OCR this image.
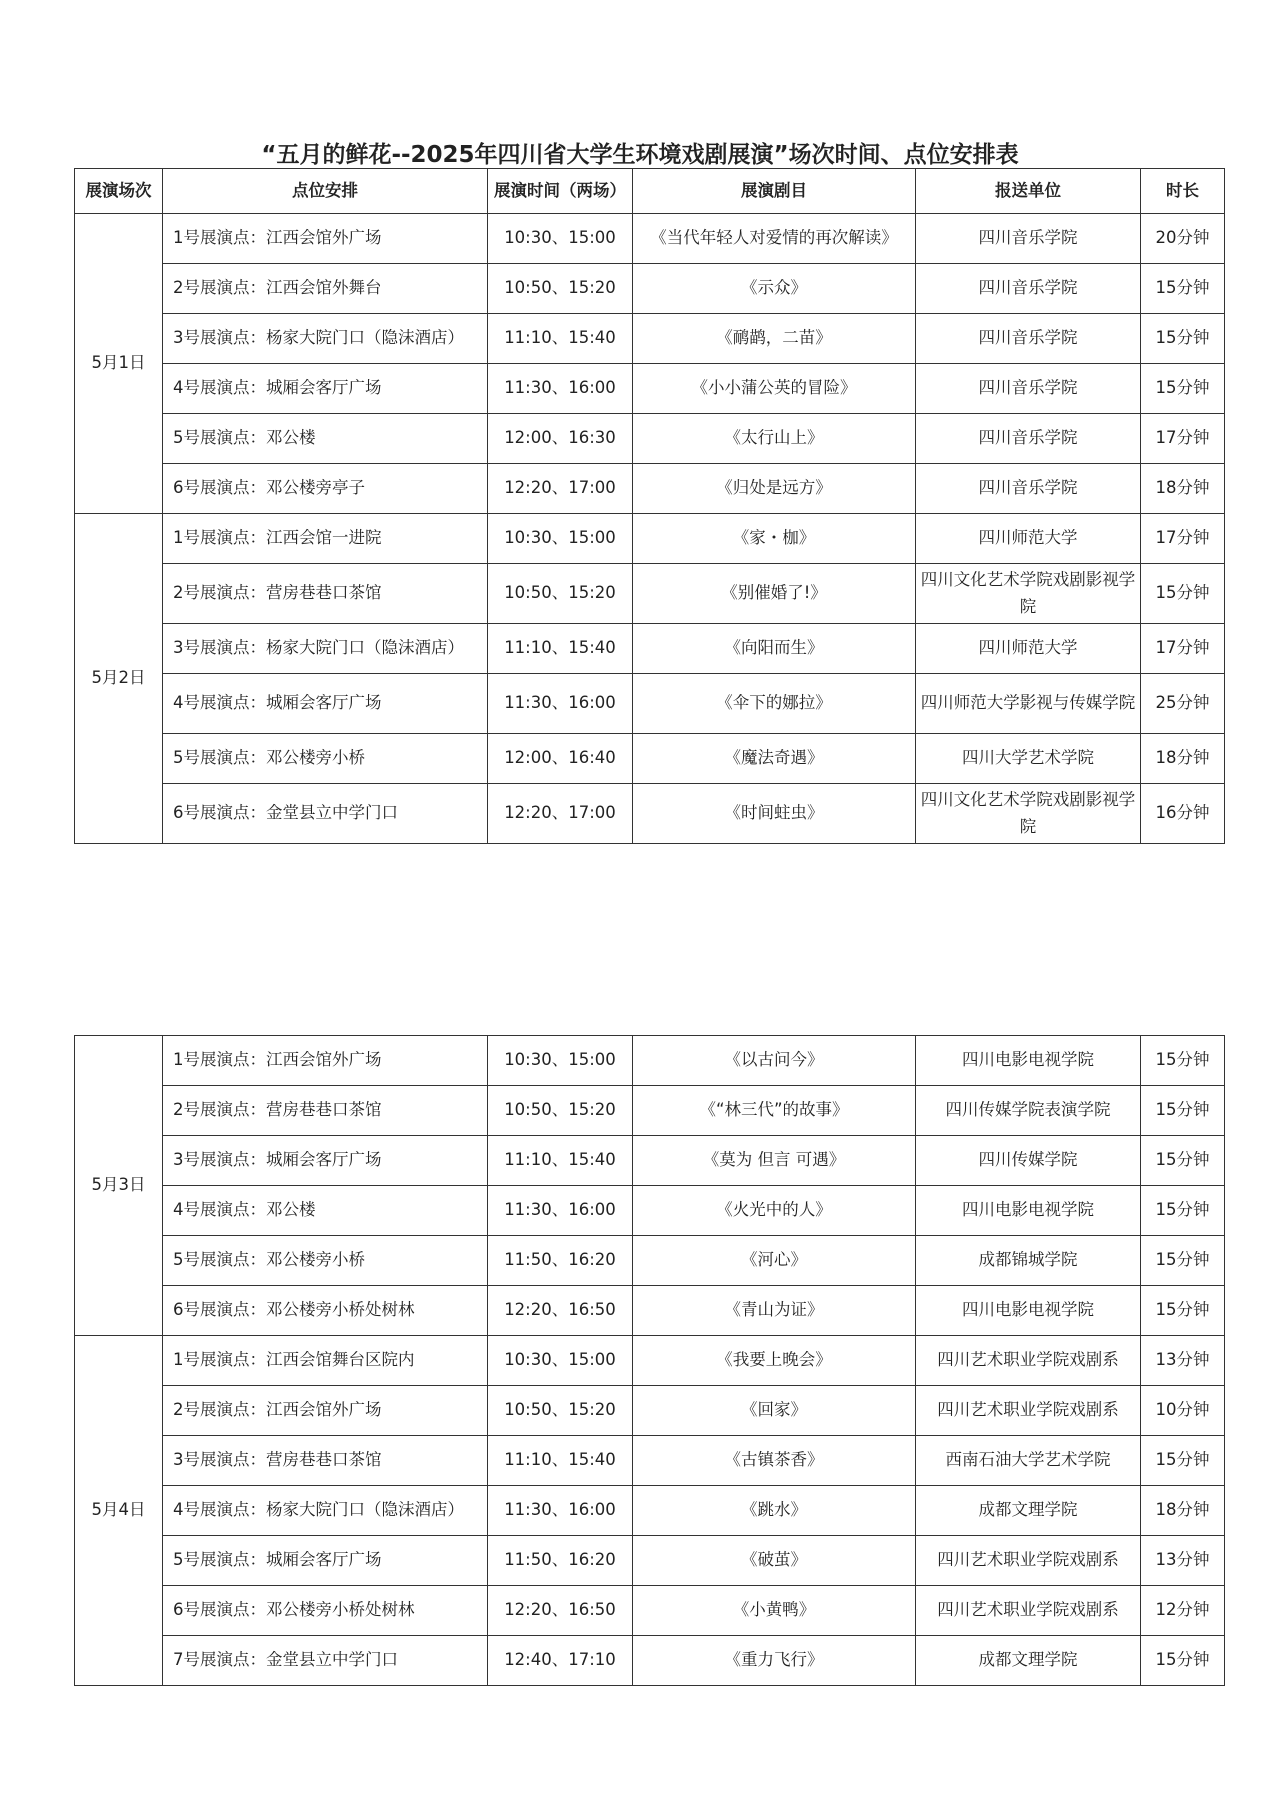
“五月的鲜花--2025年四川省大学生环境戏剧展演”场次时间、点位安排表
展演场次	点位安排	展演时间（两场）	展演剧目	报送单位	时长
5月1日	1号展演点：江西会馆外广场	10:30、15:00	《当代年轻人对爱情的再次解读》	四川音乐学院	20分钟
	2号展演点：江西会馆外舞台	10:50、15:20	《示众》	四川音乐学院	15分钟
	3号展演点：杨家大院门口（隐沫酒店）	11:10、15:40	《鸸鹋，二苗》	四川音乐学院	15分钟
	4号展演点：城厢会客厅广场	11:30、16:00	《小小蒲公英的冒险》	四川音乐学院	15分钟
	5号展演点：邓公楼	12:00、16:30	《太行山上》	四川音乐学院	17分钟
	6号展演点：邓公楼旁亭子	12:20、17:00	《归处是远方》	四川音乐学院	18分钟
5月2日	1号展演点：江西会馆一进院	10:30、15:00	《家・枷》	四川师范大学	17分钟
	2号展演点：营房巷巷口茶馆	10:50、15:20	《别催婚了!》	四川文化艺术学院戏剧影视学院	15分钟
	3号展演点：杨家大院门口（隐沫酒店）	11:10、15:40	《向阳而生》	四川师范大学	17分钟
	4号展演点：城厢会客厅广场	11:30、16:00	《伞下的娜拉》	四川师范大学影视与传媒学院	25分钟
	5号展演点：邓公楼旁小桥	12:00、16:40	《魔法奇遇》	四川大学艺术学院	18分钟
	6号展演点：金堂县立中学门口	12:20、17:00	《时间蛀虫》	四川文化艺术学院戏剧影视学院	16分钟
5月3日	1号展演点：江西会馆外广场	10:30、15:00	《以古问今》	四川电影电视学院	15分钟
	2号展演点：营房巷巷口茶馆	10:50、15:20	《“林三代”的故事》	四川传媒学院表演学院	15分钟
	3号展演点：城厢会客厅广场	11:10、15:40	《莫为 但言 可遇》	四川传媒学院	15分钟
	4号展演点：邓公楼	11:30、16:00	《火光中的人》	四川电影电视学院	15分钟
	5号展演点：邓公楼旁小桥	11:50、16:20	《河心》	成都锦城学院	15分钟
	6号展演点：邓公楼旁小桥处树林	12:20、16:50	《青山为证》	四川电影电视学院	15分钟
5月4日	1号展演点：江西会馆舞台区院内	10:30、15:00	《我要上晚会》	四川艺术职业学院戏剧系	13分钟
	2号展演点：江西会馆外广场	10:50、15:20	《回家》	四川艺术职业学院戏剧系	10分钟
	3号展演点：营房巷巷口茶馆	11:10、15:40	《古镇茶香》	西南石油大学艺术学院	15分钟
	4号展演点：杨家大院门口（隐沫酒店）	11:30、16:00	《跳水》	成都文理学院	18分钟
	5号展演点：城厢会客厅广场	11:50、16:20	《破茧》	四川艺术职业学院戏剧系	13分钟
	6号展演点：邓公楼旁小桥处树林	12:20、16:50	《小黄鸭》	四川艺术职业学院戏剧系	12分钟
	7号展演点：金堂县立中学门口	12:40、17:10	《重力飞行》	成都文理学院	15分钟
